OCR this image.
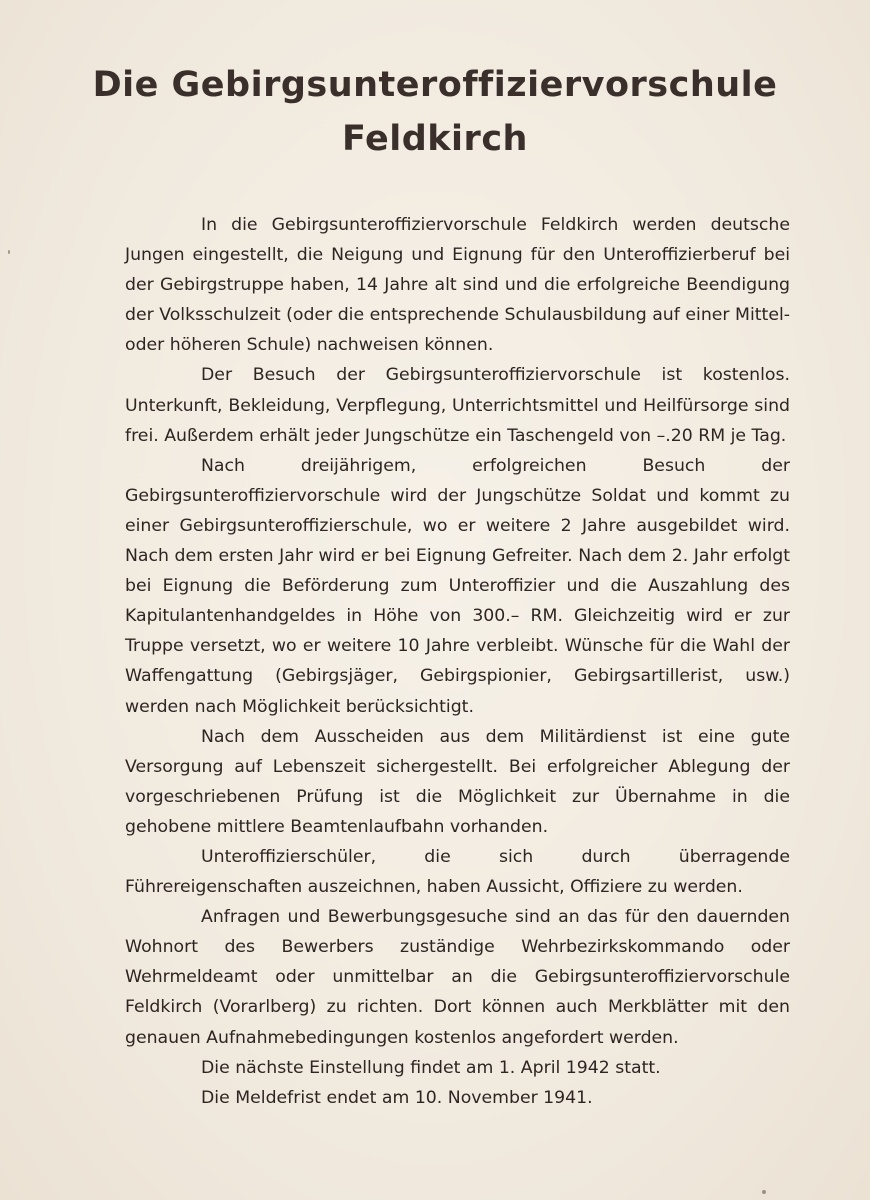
Die Gebirgsunteroffiziervorschule
Feldkirch

In die Gebirgsunteroffiziervorschule Feldkirch werden deutsche Jungen eingestellt, die Neigung und Eignung für den Unteroffizierberuf bei der Gebirgstruppe haben, 14 Jahre alt sind und die erfolgreiche Beendigung der Volksschulzeit (oder die entsprechende Schulausbildung auf einer Mittel- oder höheren Schule) nachweisen können.

Der Besuch der Gebirgsunteroffiziervorschule ist kostenlos. Unterkunft, Bekleidung, Verpflegung, Unterrichtsmittel und Heilfürsorge sind frei. Außerdem erhält jeder Jungschütze ein Taschengeld von –.20 RM je Tag.

Nach dreijährigem, erfolgreichen Besuch der Gebirgsunteroffiziervorschule wird der Jungschütze Soldat und kommt zu einer Gebirgsunteroffizierschule, wo er weitere 2 Jahre ausgebildet wird. Nach dem ersten Jahr wird er bei Eignung Gefreiter. Nach dem 2. Jahr erfolgt bei Eignung die Beförderung zum Unteroffizier und die Auszahlung des Kapitulantenhandgeldes in Höhe von 300.– RM. Gleichzeitig wird er zur Truppe versetzt, wo er weitere 10 Jahre verbleibt. Wünsche für die Wahl der Waffengattung (Gebirgsjäger, Gebirgspionier, Gebirgsartillerist, usw.) werden nach Möglichkeit berücksichtigt.

Nach dem Ausscheiden aus dem Militärdienst ist eine gute Versorgung auf Lebenszeit sichergestellt. Bei erfolgreicher Ablegung der vorgeschriebenen Prüfung ist die Möglichkeit zur Übernahme in die gehobene mittlere Beamtenlaufbahn vorhanden.

Unteroffizierschüler, die sich durch überragende Führereigenschaften auszeichnen, haben Aussicht, Offiziere zu werden.

Anfragen und Bewerbungsgesuche sind an das für den dauernden Wohnort des Bewerbers zuständige Wehrbezirkskommando oder Wehrmeldeamt oder unmittelbar an die Gebirgsunteroffiziervorschule Feldkirch (Vorarlberg) zu richten. Dort können auch Merkblätter mit den genauen Aufnahmebedingungen kostenlos angefordert werden.

Die nächste Einstellung findet am 1. April 1942 statt.

Die Meldefrist endet am 10. November 1941.
